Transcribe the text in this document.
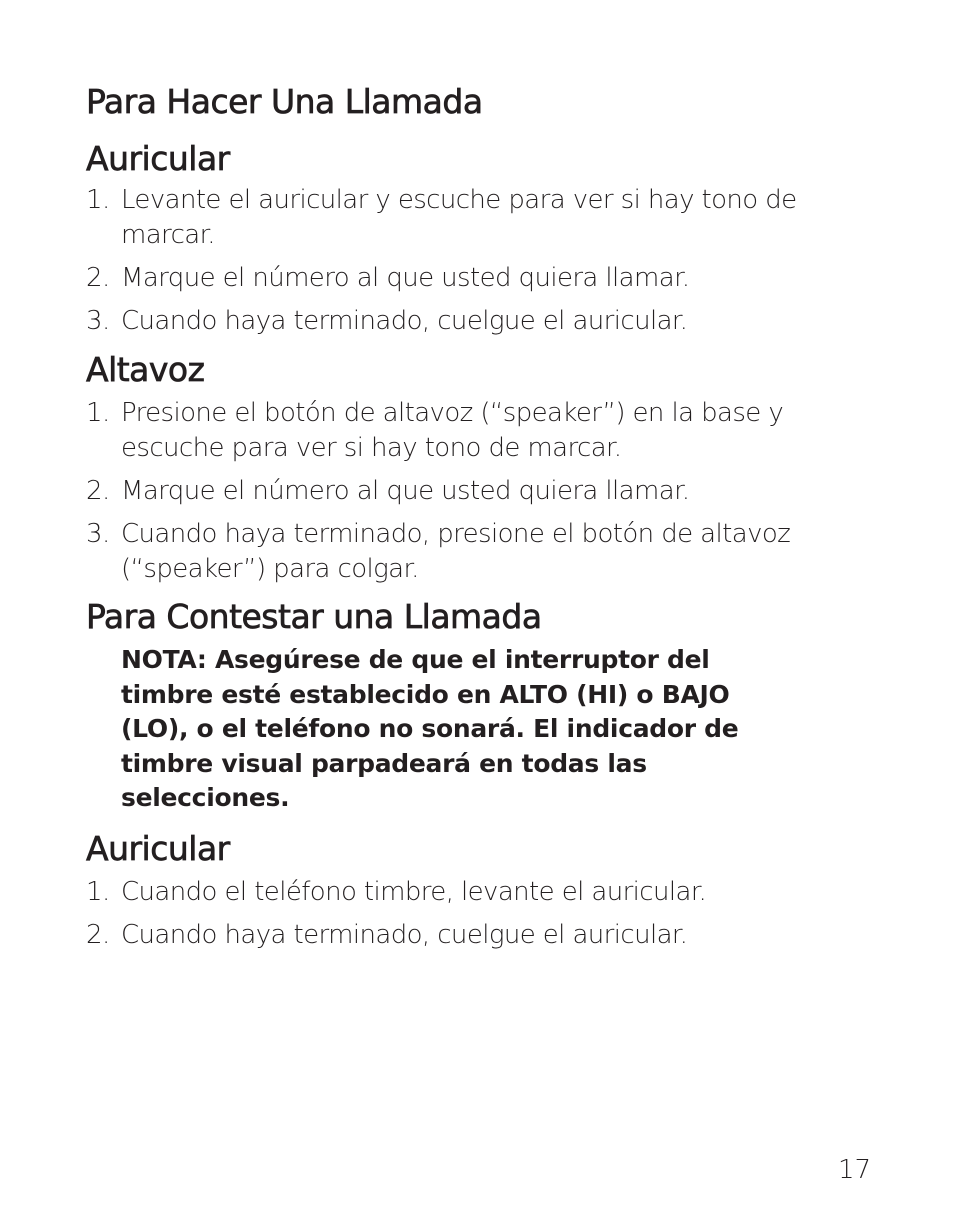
Para Hacer Una Llamada
Auricular
1. Levante el auricular y escuche para ver si hay tono de marcar.
2. Marque el número al que usted quiera llamar.
3. Cuando haya terminado, cuelgue el auricular.
Altavoz
1. Presione el botón de altavoz (“speaker”) en la base y escuche para ver si hay tono de marcar.
2. Marque el número al que usted quiera llamar.
3. Cuando haya terminado, presione el botón de altavoz (“speaker”) para colgar.
Para Contestar una Llamada

NOTA: Asegúrese de que el interruptor del timbre esté establecido en ALTO (HI) o BAJO (LO), o el teléfono no sonará. El indicador de timbre visual parpadeará en todas las selecciones.

Auricular
1. Cuando el teléfono timbre, levante el auricular.
2. Cuando haya terminado, cuelgue el auricular.
17
